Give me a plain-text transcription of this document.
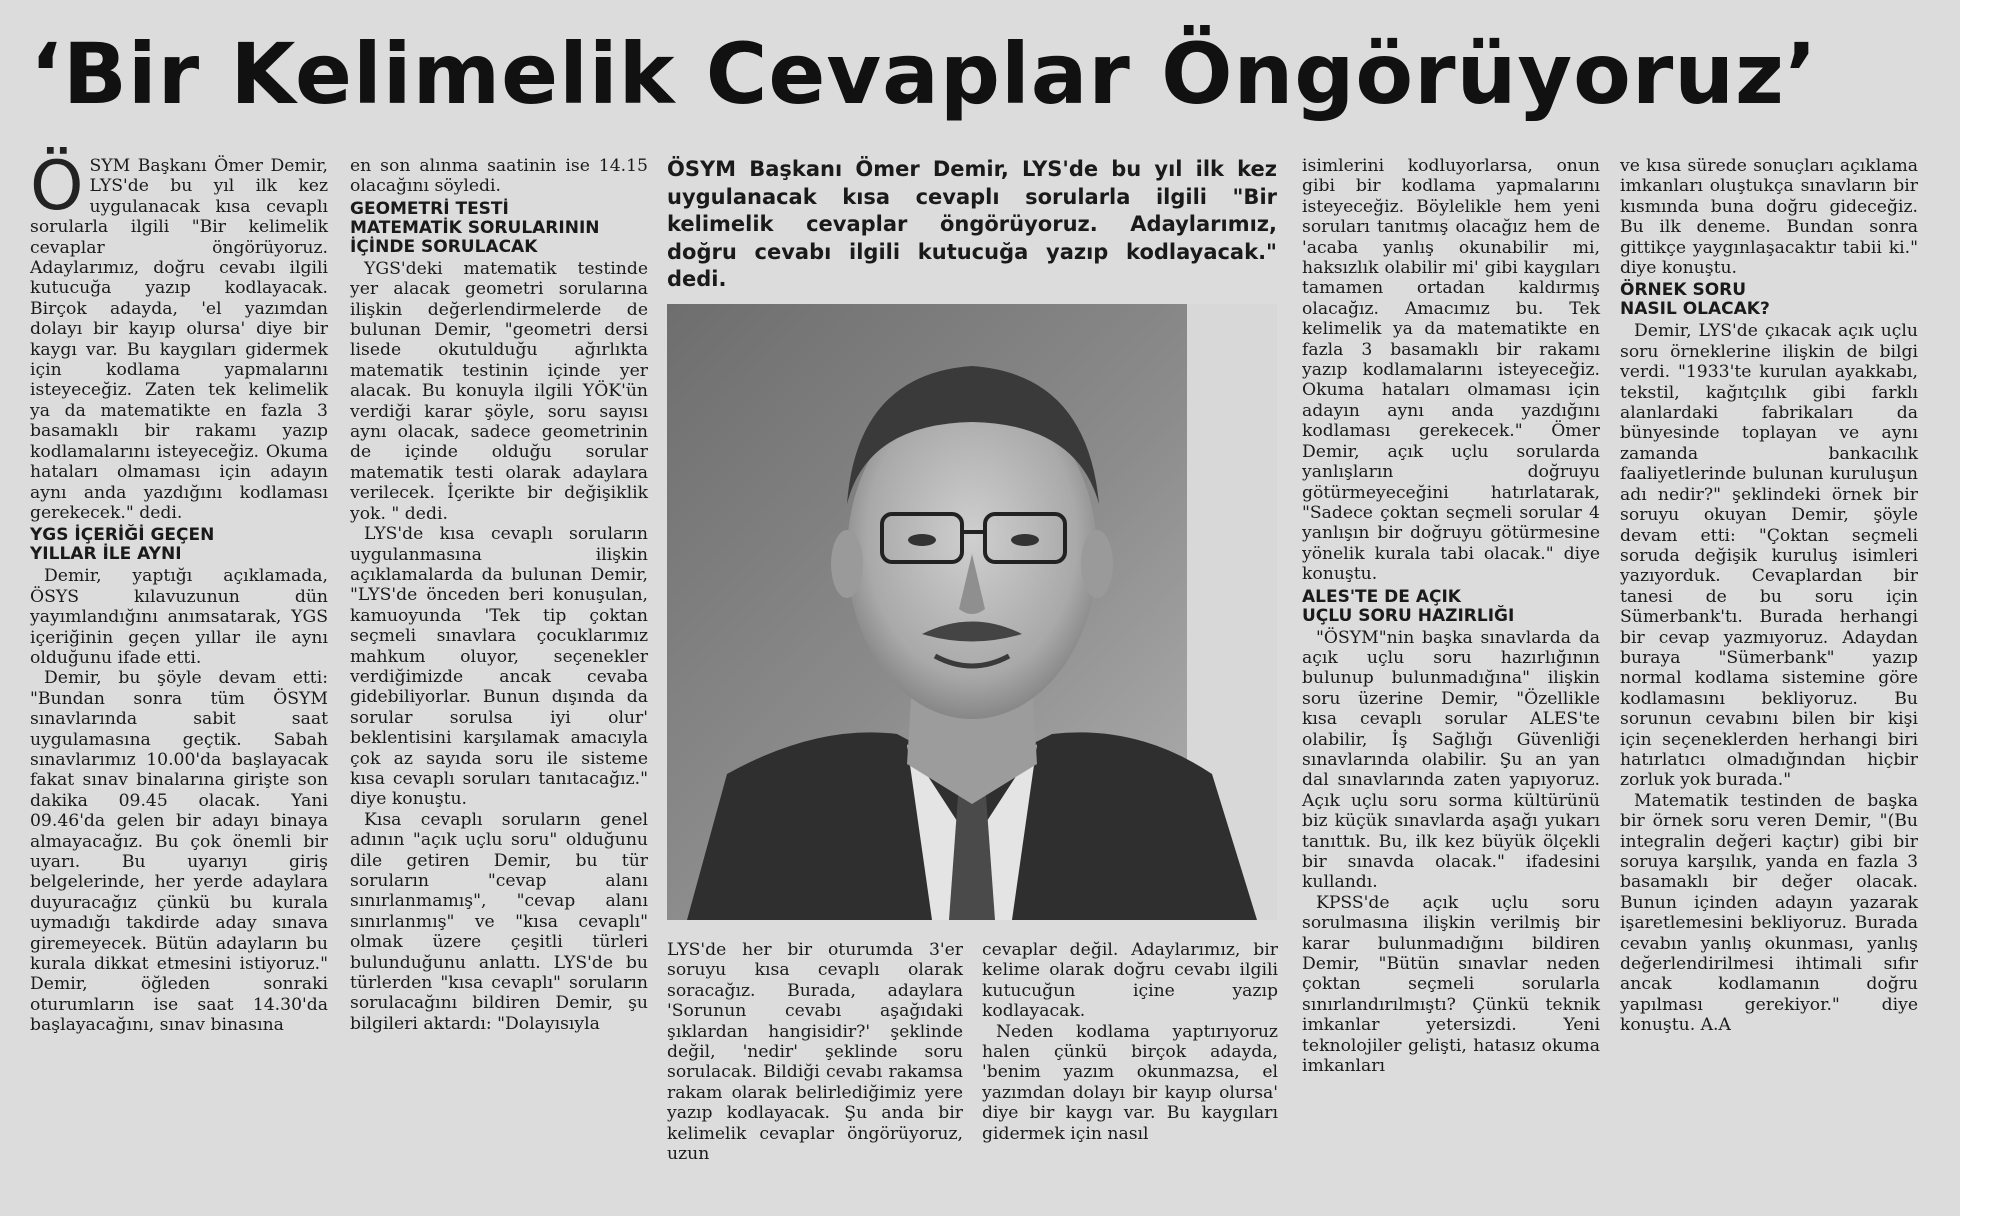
‘Bir Kelimelik Cevaplar Öngörüyoruz’

ÖSYM Başkanı Ömer Demir, LYS'de bu yıl ilk kez uygulanacak kısa cevaplı sorularla ilgili "Bir kelimelik cevaplar öngörüyoruz. Adaylarımız, doğru cevabı ilgili kutucuğa yazıp kodlayacak. Birçok adayda, 'el yazımdan dolayı bir kayıp olursa' diye bir kaygı var. Bu kaygıları gidermek için kodlama yapmalarını isteyeceğiz. Zaten tek kelimelik ya da matematikte en fazla 3 basamaklı bir rakamı yazıp kodlamalarını isteyeceğiz. Okuma hataları olmaması için adayın aynı anda yazdığını kodlaması gerekecek." dedi.

YGS İÇERİĞİ GEÇEN
YILLAR İLE AYNI

Demir, yaptığı açıklamada, ÖSYS kılavuzunun dün yayımlandığını anımsatarak, YGS içeriğinin geçen yıllar ile aynı olduğunu ifade etti.

Demir, bu şöyle devam etti: "Bundan sonra tüm ÖSYM sınavlarında sabit saat uygulamasına geçtik. Sabah sınavlarımız 10.00'da başlayacak fakat sınav binalarına girişte son dakika 09.45 olacak. Yani 09.46'da gelen bir adayı binaya almayacağız. Bu çok önemli bir uyarı. Bu uyarıyı giriş belgelerinde, her yerde adaylara duyuracağız çünkü bu kurala uymadığı takdirde aday sınava giremeyecek. Bütün adayların bu kurala dikkat etmesini istiyoruz." Demir, öğleden sonraki oturumların ise saat 14.30'da başlayacağını, sınav binasına

en son alınma saatinin ise 14.15 olacağını söyledi.

GEOMETRİ TESTİ
MATEMATİK SORULARININ
İÇİNDE SORULACAK

YGS'deki matematik testinde yer alacak geometri sorularına ilişkin değerlendirmelerde de bulunan Demir, "geometri dersi lisede okutulduğu ağırlıkta matematik testinin içinde yer alacak. Bu konuyla ilgili YÖK'ün verdiği karar şöyle, soru sayısı aynı olacak, sadece geometrinin de içinde olduğu sorular matematik testi olarak adaylara verilecek. İçerikte bir değişiklik yok. " dedi.

LYS'de kısa cevaplı soruların uygulanmasına ilişkin açıklamalarda da bulunan Demir, "LYS'de önceden beri konuşulan, kamuoyunda 'Tek tip çoktan seçmeli sınavlara çocuklarımız mahkum oluyor, seçenekler verdiğimizde ancak cevaba gidebiliyorlar. Bunun dışında da sorular sorulsa iyi olur' beklentisini karşılamak amacıyla çok az sayıda soru ile sisteme kısa cevaplı soruları tanıtacağız." diye konuştu.

Kısa cevaplı soruların genel adının "açık uçlu soru" olduğunu dile getiren Demir, bu tür soruların "cevap alanı sınırlanmamış", "cevap alanı sınırlanmış" ve "kısa cevaplı" olmak üzere çeşitli türleri bulunduğunu anlattı. LYS'de bu türlerden "kısa cevaplı" soruların sorulacağını bildiren Demir, şu bilgileri aktardı: "Dolayısıyla

ÖSYM Başkanı Ömer Demir, LYS'de bu yıl ilk kez uygulanacak kısa cevaplı sorularla ilgili "Bir kelimelik cevaplar öngörüyoruz. Adaylarımız, doğru cevabı ilgili kutucuğa yazıp kodlayacak." dedi.

LYS'de her bir oturumda 3'er soruyu kısa cevaplı olarak soracağız. Burada, adaylara 'Sorunun cevabı aşağıdaki şıklardan hangisidir?' şeklinde değil, 'nedir' şeklinde soru sorulacak. Bildiği cevabı rakamsa rakam olarak belirlediğimiz yere yazıp kodlayacak. Şu anda bir kelimelik cevaplar öngörüyoruz, uzun

cevaplar değil. Adaylarımız, bir kelime olarak doğru cevabı ilgili kutucuğun içine yazıp kodlayacak.

Neden kodlama yaptırıyoruz halen çünkü birçok adayda, 'benim yazım okunmazsa, el yazımdan dolayı bir kayıp olursa' diye bir kaygı var. Bu kaygıları gidermek için nasıl

isimlerini kodluyorlarsa, onun gibi bir kodlama yapmalarını isteyeceğiz. Böylelikle hem yeni soruları tanıtmış olacağız hem de 'acaba yanlış okunabilir mi, haksızlık olabilir mi' gibi kaygıları tamamen ortadan kaldırmış olacağız. Amacımız bu. Tek kelimelik ya da matematikte en fazla 3 basamaklı bir rakamı yazıp kodlamalarını isteyeceğiz. Okuma hataları olmaması için adayın aynı anda yazdığını kodlaması gerekecek." Ömer Demir, açık uçlu sorularda yanlışların doğruyu götürmeyeceğini hatırlatarak, "Sadece çoktan seçmeli sorular 4 yanlışın bir doğruyu götürmesine yönelik kurala tabi olacak." diye konuştu.

ALES'TE DE AÇIK
UÇLU SORU HAZIRLIĞI

"ÖSYM"nin başka sınavlarda da açık uçlu soru hazırlığının bulunup bulunmadığına" ilişkin soru üzerine Demir, "Özellikle kısa cevaplı sorular ALES'te olabilir, İş Sağlığı Güvenliği sınavlarında olabilir. Şu an yan dal sınavlarında zaten yapıyoruz. Açık uçlu soru sorma kültürünü biz küçük sınavlarda aşağı yukarı tanıttık. Bu, ilk kez büyük ölçekli bir sınavda olacak." ifadesini kullandı.

KPSS'de açık uçlu soru sorulmasına ilişkin verilmiş bir karar bulunmadığını bildiren Demir, "Bütün sınavlar neden çoktan seçmeli sorularla sınırlandırılmıştı? Çünkü teknik imkanlar yetersizdi. Yeni teknolojiler gelişti, hatasız okuma imkanları

ve kısa sürede sonuçları açıklama imkanları oluştukça sınavların bir kısmında buna doğru gideceğiz. Bu ilk deneme. Bundan sonra gittikçe yaygınlaşacaktır tabii ki." diye konuştu.

ÖRNEK SORU
NASIL OLACAK?

Demir, LYS'de çıkacak açık uçlu soru örneklerine ilişkin de bilgi verdi. "1933'te kurulan ayakkabı, tekstil, kağıtçılık gibi farklı alanlardaki fabrikaları da bünyesinde toplayan ve aynı zamanda bankacılık faaliyetlerinde bulunan kuruluşun adı nedir?" şeklindeki örnek bir soruyu okuyan Demir, şöyle devam etti: "Çoktan seçmeli soruda değişik kuruluş isimleri yazıyorduk. Cevaplardan bir tanesi de bu soru için Sümerbank'tı. Burada herhangi bir cevap yazmıyoruz. Adaydan buraya "Sümerbank" yazıp normal kodlama sistemine göre kodlamasını bekliyoruz. Bu sorunun cevabını bilen bir kişi için seçeneklerden herhangi biri hatırlatıcı olmadığından hiçbir zorluk yok burada."

Matematik testinden de başka bir örnek soru veren Demir, "(Bu integralin değeri kaçtır) gibi bir soruya karşılık, yanda en fazla 3 basamaklı bir değer olacak. Bunun içinden adayın yazarak işaretlemesini bekliyoruz. Burada cevabın yanlış okunması, yanlış değerlendirilmesi ihtimali sıfır ancak kodlamanın doğru yapılması gerekiyor." diye konuştu. A.A
